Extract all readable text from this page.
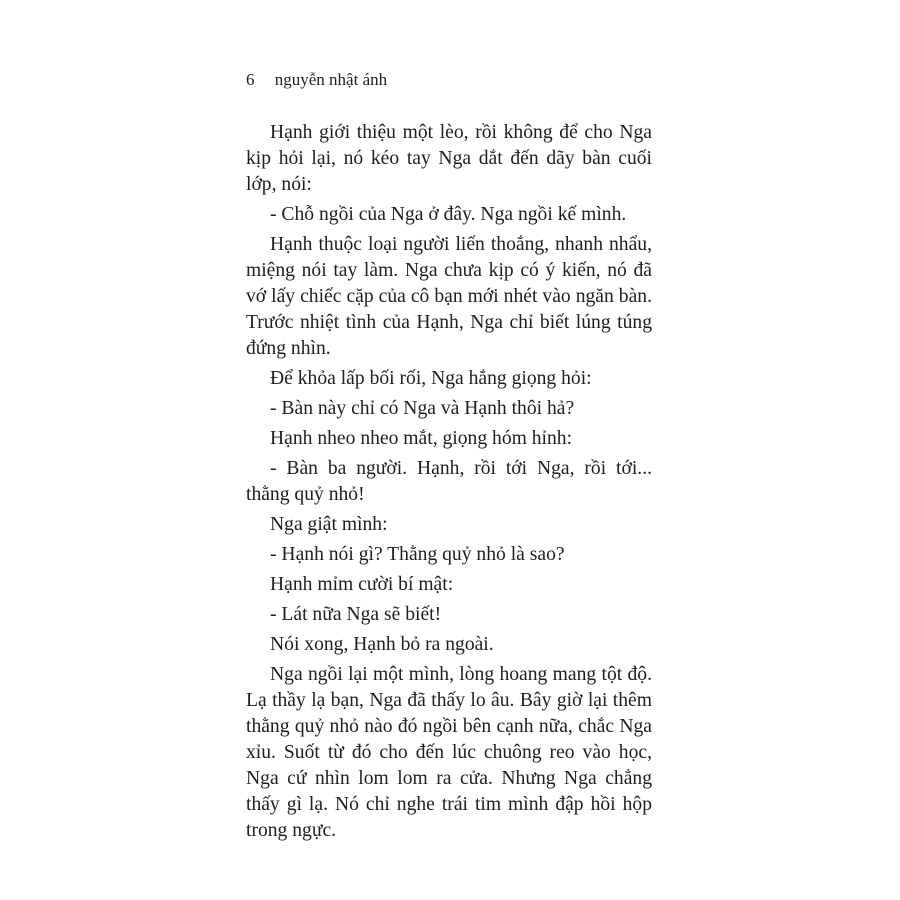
6 nguyễn nhật ánh

Hạnh giới thiệu một lèo, rồi không để cho Nga kịp hỏi lại, nó kéo tay Nga dắt đến dãy bàn cuối lớp, nói:

- Chỗ ngồi của Nga ở đây. Nga ngồi kế mình.

Hạnh thuộc loại người liến thoắng, nhanh nhẩu, miệng nói tay làm. Nga chưa kịp có ý kiến, nó đã vớ lấy chiếc cặp của cô bạn mới nhét vào ngăn bàn. Trước nhiệt tình của Hạnh, Nga chỉ biết lúng túng đứng nhìn.

Để khỏa lấp bối rối, Nga hắng giọng hỏi:

- Bàn này chỉ có Nga và Hạnh thôi hả?

Hạnh nheo nheo mắt, giọng hóm hỉnh:

- Bàn ba người. Hạnh, rồi tới Nga, rồi tới... thằng quỷ nhỏ!

Nga giật mình:

- Hạnh nói gì? Thằng quỷ nhỏ là sao?

Hạnh mỉm cười bí mật:

- Lát nữa Nga sẽ biết!

Nói xong, Hạnh bỏ ra ngoài.

Nga ngồi lại một mình, lòng hoang mang tột độ. Lạ thầy lạ bạn, Nga đã thấy lo âu. Bây giờ lại thêm thằng quỷ nhỏ nào đó ngồi bên cạnh nữa, chắc Nga xỉu. Suốt từ đó cho đến lúc chuông reo vào học, Nga cứ nhìn lom lom ra cửa. Nhưng Nga chẳng thấy gì lạ. Nó chỉ nghe trái tim mình đập hồi hộp trong ngực.
